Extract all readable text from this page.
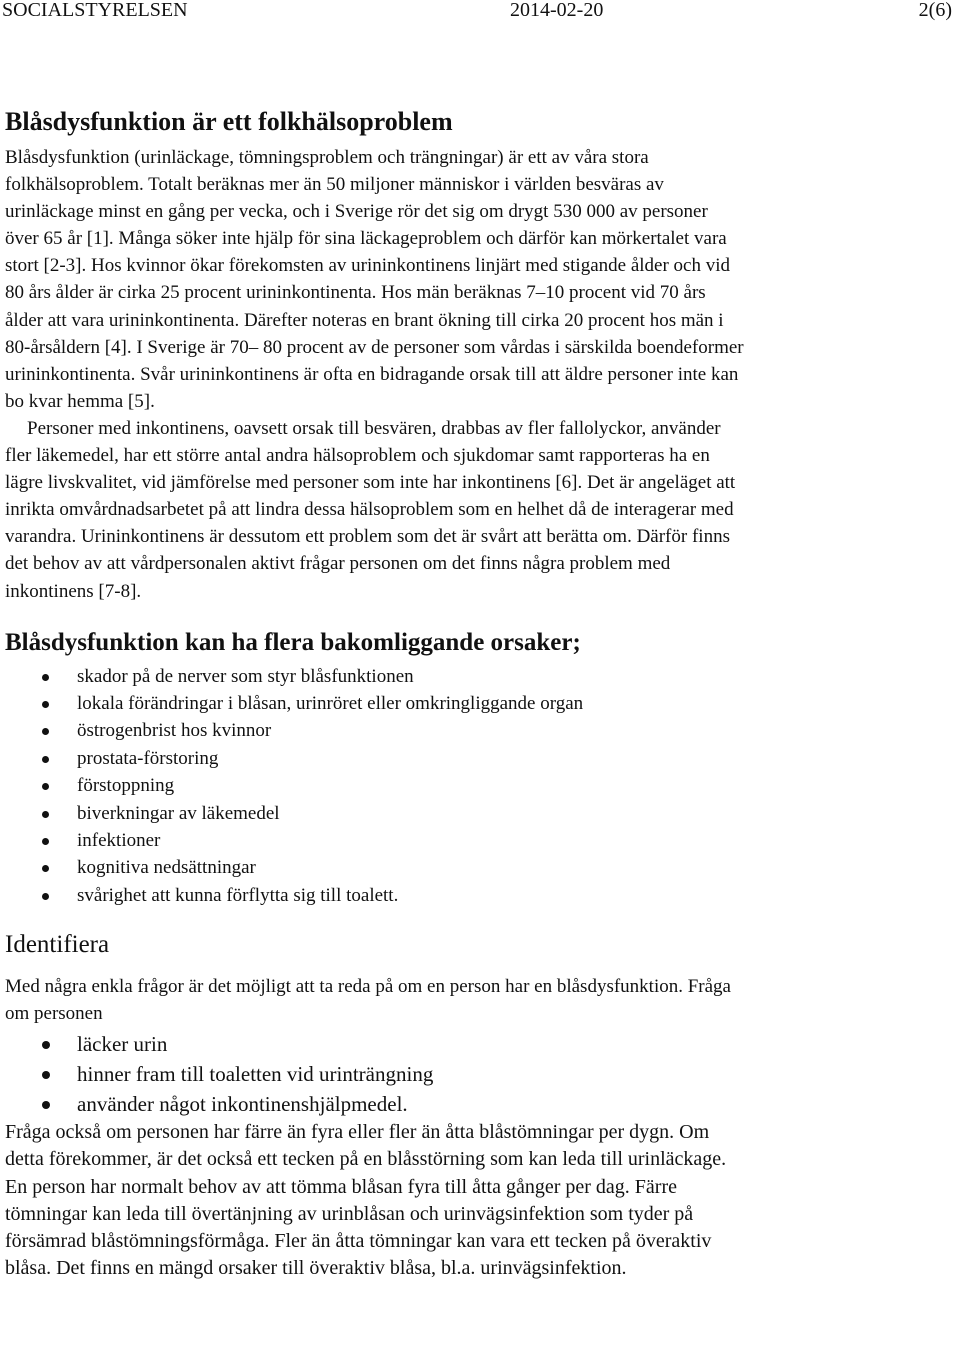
SOCIALSTYRELSEN	2014-02-20	2(6)
Blåsdysfunktion är ett folkhälsoproblem

Blåsdysfunktion (urinläckage, tömningsproblem och trängningar) är ett av våra stora folkhälsoproblem. Totalt beräknas mer än 50 miljoner människor i världen besväras av urinläckage minst en gång per vecka, och i Sverige rör det sig om drygt 530 000 av personer över 65 år [1]. Många söker inte hjälp för sina läckageproblem och därför kan mörkertalet vara stort [2-3]. Hos kvinnor ökar förekomsten av urininkontinens linjärt med stigande ålder och vid 80 års ålder är cirka 25 procent urininkontinenta. Hos män beräknas 7–10 procent vid 70 års ålder att vara urininkontinenta. Därefter noteras en brant ökning till cirka 20 procent hos män i 80-årsåldern [4]. I Sverige är 70– 80 procent av de personer som vårdas i särskilda boendeformer urininkontinenta. Svår urininkontinens är ofta en bidragande orsak till att äldre personer inte kan bo kvar hemma [5].

Personer med inkontinens, oavsett orsak till besvären, drabbas av fler fallolyckor, använder fler läkemedel, har ett större antal andra hälsoproblem och sjukdomar samt rapporteras ha en lägre livskvalitet, vid jämförelse med personer som inte har inkontinens [6]. Det är angeläget att inrikta omvårdnadsarbetet på att lindra dessa hälsoproblem som en helhet då de interagerar med varandra. Urininkontinens är dessutom ett problem som det är svårt att berätta om. Därför finns det behov av att vårdpersonalen aktivt frågar personen om det finns några problem med inkontinens [7-8].

Blåsdysfunktion kan ha flera bakomliggande orsaker;
skador på de nerver som styr blåsfunktionen
lokala förändringar i blåsan, urinröret eller omkringliggande organ
östrogenbrist hos kvinnor
prostata-förstoring
förstoppning
biverkningar av läkemedel
infektioner
kognitiva nedsättningar
svårighet att kunna förflytta sig till toalett.
Identifiera

Med några enkla frågor är det möjligt att ta reda på om en person har en blåsdysfunktion. Fråga om personen

läcker urin
hinner fram till toaletten vid urinträngning
använder något inkontinenshjälpmedel.

Fråga också om personen har färre än fyra eller fler än åtta blåstömningar per dygn. Om detta förekommer, är det också ett tecken på en blåsstörning som kan leda till urinläckage. En person har normalt behov av att tömma blåsan fyra till åtta gånger per dag. Färre tömningar kan leda till övertänjning av urinblåsan och urinvägsinfektion som tyder på försämrad blåstömningsförmåga. Fler än åtta tömningar kan vara ett tecken på överaktiv blåsa. Det finns en mängd orsaker till överaktiv blåsa, bl.a. urinvägsinfektion.
